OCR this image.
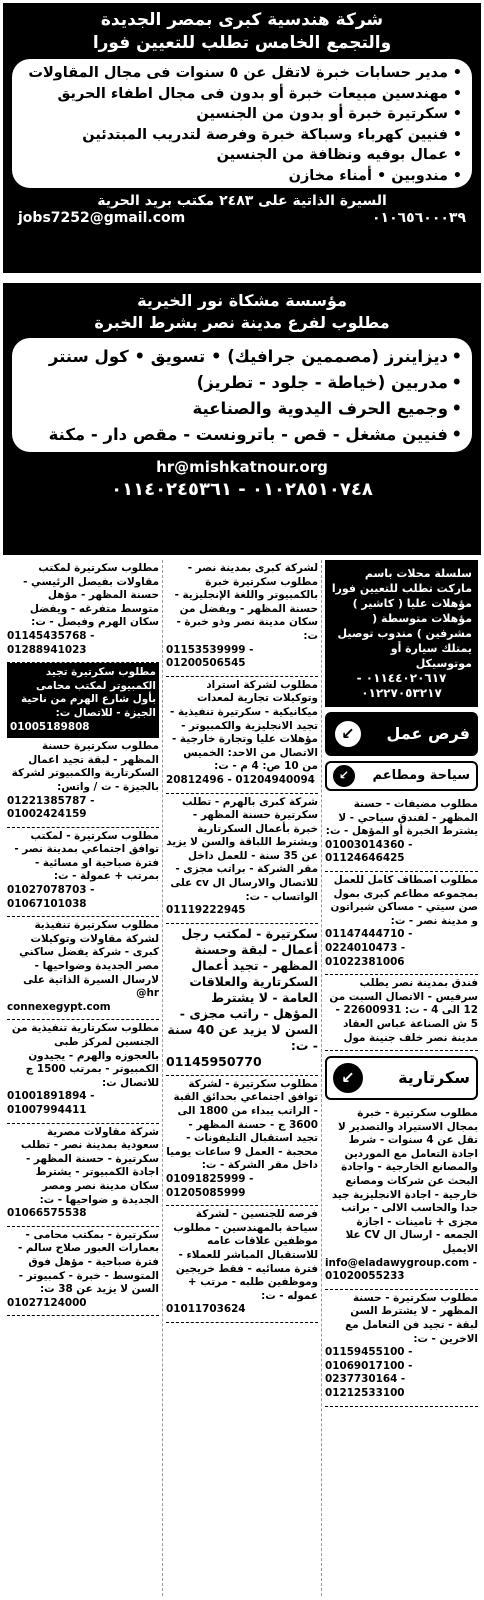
شركة هندسية كبرى بمصر الجديدة
والتجمع الخامس تطلب للتعيين فورا
• مدير حسابات خبرة لاتقل عن ٥ سنوات فى مجال المقاولات
• مهندسين مبيعات خبرة أو بدون فى مجال اطفاء الحريق
• سكرتيرة خبرة أو بدون من الجنسين
• فنيين كهرباء وسباكة خبرة وفرصة لتدريب المبتدئين
• عمال بوفيه ونظافة من الجنسين
• مندوبين • أمناء مخازن
السيرة الذاتية على ٢٤٨٣ مكتب بريد الحرية
jobs7252@gmail.com	٠١٠٦٥٦٠٠٠٣٩
مؤسسة مشكاة نور الخيرية
مطلوب لفرع مدينة نصر بشرط الخبرة
• ديزاينرز (مصممين جرافيك) • تسويق • كول سنتر
• مدربين (خياطة - جلود - تطريز)
• وجميع الحرف اليدوية والصناعية
• فنيين مشغل - قص - باترونست - مقص دار - مكنة
hr@mishkatnour.org
٠١٠٢٨٥١٠٧٤٨ - ٠١١٤٠٢٤٥٣٦١
سلسلة محلات باسم ماركت تطلب للتعيين فورا مؤهلات عليا ( كاشير ) مؤهلات متوسطة ( مشرفين ) مندوب توصيل يمتلك سيارة أو موتوسيكل
٠١١٤٤٠٢٠٦١٧ - ٠١٢٢٧٠٥٣٢١٧
فرص عمل
↙
سياحة ومطاعم
↙
مطلوب مضيفات - حسنة المظهر - لفندق سياحي - لا يشترط الخبرة أو المؤهل - ت:
01003014360 - 01124646425
مطلوب اصطاف كامل للعمل بمجموعه مطاعم كبرى بمول صن سيتي - مساكن شيراتون و مدينة نصر - ت:
01147444710 - 0224010473 - 01022381006
فندق بمدينة نصر يطلب سرفيس - الاتصال السبت من 12 الى 4 - ت: 22600931 - 5 ش الصناعة عباس العقاد مدينة نصر خلف جنينة مول
سكرتارية
↙
مطلوب سكرتيرة - خبرة بمجال الاستيراد والتصدير لا تقل عن 4 سنوات - شرط اجادة التعامل مع الموردين والمصانع الخارجية - واجادة البحث عن شركات ومصانع خارجية - اجادة الانجليزية جيد جدا والحاسب الالى - براتب مجزى + تامينات - اجازة الجمعه - ارسال ال CV علا الايميل
info@eladawygroup.com - 01020055233
مطلوب سكرتيرة - حسنة المظهر - لا يشترط السن لبقة - تجيد فن التعامل مع الاخرين - ت:
01159455100 - 01069017100 - 0237730164 - 01212533100
لشركة كبرى بمدينة نصر - مطلوب سكرتيرة خبرة بالكمبيوتر واللغة الإنجليزية - حسنة المظهر - ويفضل من سكان مدينة نصر وذو خبرة - ت:
01153539999 - 01200506545
مطلوب لشركة استراد وتوكيلات تجارية لمعدات ميكانيكية - سكرتيرة تنفيذية - تجيد الانجليزية والكمبيوتر - مؤهلات عليا وتجارة خارجية - الاتصال من الاحد: الخميس من 10 ص: 4 م - ت:
20812496 - 01204940094
شركة كبرى بالهرم - تطلب سكرتيرة حسنة المظهر - خبرة بأعمال السكرتارية ويشترط اللباقة والسن لا يزيد عن 35 سنة - للعمل داخل مقر الشركة - براتب مجزى - للاتصال والارسال ال cv على الواتساب - ت:
01119222945
سكرتيرة - لمكتب رجل أعمال - لبقة وحسنة المظهر - تجيد أعمال السكرتارية والعلاقات العامة - لا يشترط المؤهل - راتب مجزى - السن لا يزيد عن 40 سنة - ت:
01145950770
مطلوب سكرتيرة - لشركة توافق اجتماعي بحدائق القبة - الراتب يبداء من 1800 الى 3600 ج - حسنة المظهر - تجيد استقبال التليفونات - محجبة - العمل 9 ساعات يوميا داخل مقر الشركة - ت:
01091825999 - 01205085999
فرصه للجنسين - لشركة سياحة بالمهندسين - مطلوب موظفين علاقات عامه للاستقبال المباشر للعملاء - فترة مسائيه - فقط خريجين وموظفين طلبه - مرتب + عموله - ت:
01011703624
مطلوب سكرتيرة لمكتب مقاولات بفيصل الرئيسي - حسنة المظهر - مؤهل متوسط متفرغه - ويفضل سكان الهرم وفيصل - ت:
01145435768 - 01288941023
مطلوب سكرتيرة تجيد الكمبيوتر لمكتب محامى بأول شارع الهرم من ناحية الجيزة - للاتصال ت:
01005189808
مطلوب سكرتيرة حسنة المظهر - لبقة تجيد اعمال السكرتارية والكمبيوتر لشركة بالجيزة - ت / واتس:
01221385787 - 01002424159
مطلوب سكرتيرة - لمكتب توافق اجتماعي بمدينة نصر - فترة صباحية او مسائية - بمرتب + عمولة - ت:
01027078703 - 01067101038
مطلوب سكرتيرة تنفيذية لشركة مقاولات وتوكيلات كبرى - شركة يفضل ساكني مصر الجديدة وضواحيها - لارسال السيرة الذاتية على hr@
connexegypt.com
مطلوب سكرتارية تنفيذية من الجنسين لمركز طبى بالعجوزه والهرم - يجيدون الكمبيوتر - بمرتب 1500 ج للاتصال ت:
01001891894 - 01007994411
شركة مقاولات مصرية سعودية بمدينة نصر - تطلب سكرتيرة - حسنة المظهر - اجادة الكمبيوتر - يشترط سكان مدينة نصر ومصر الجديدة و ضواحيها - ت:
01066575538
سكرتيرة - بمكتب محامى - بعمارات العبور صلاح سالم - فترة صباحية - مؤهل فوق المتوسط - خبرة - كمبيوتر - السن لا يزيد عن 38 ت:
01027124000
